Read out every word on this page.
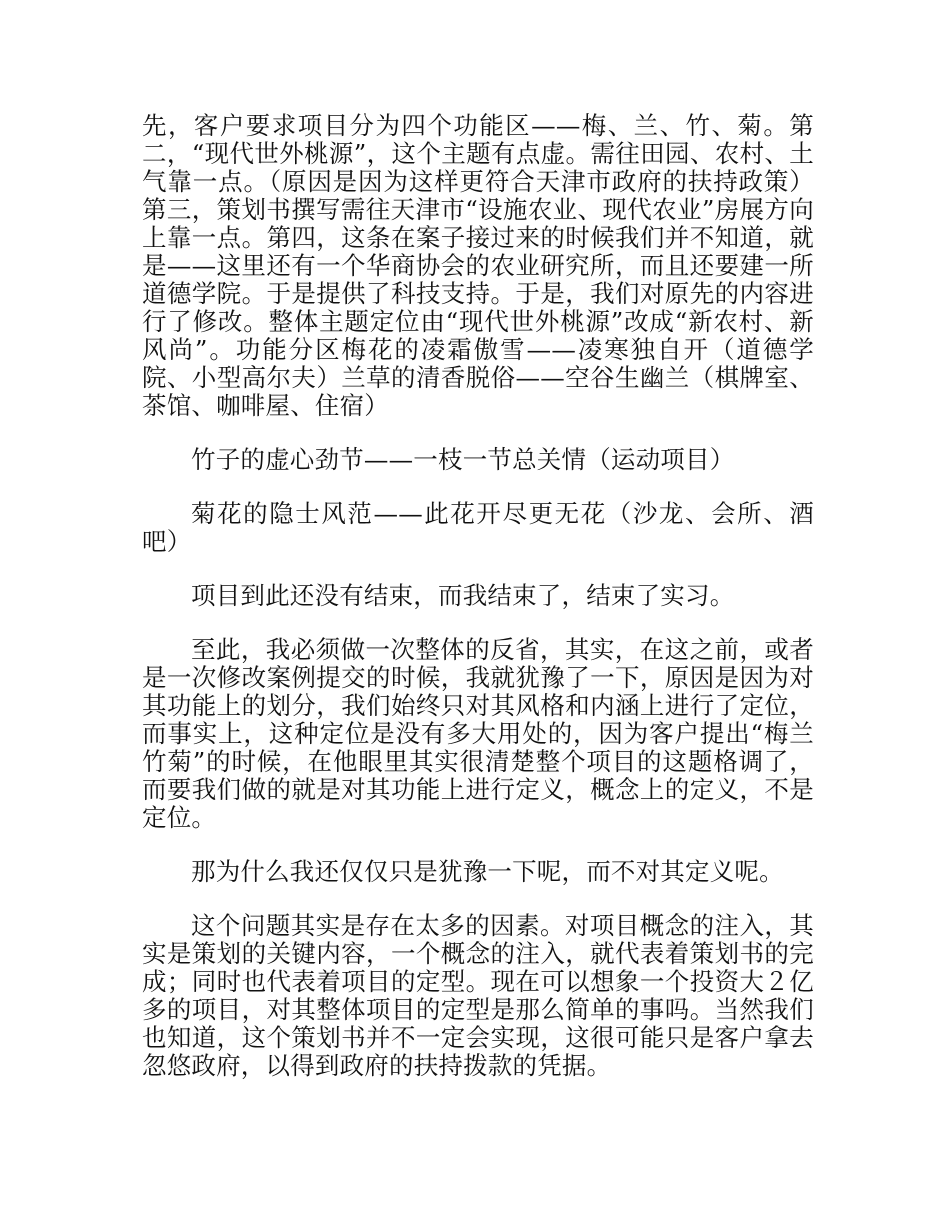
先，客户要求项目分为四个功能区——梅、兰、竹、菊。第二，“现代世外桃源”，这个主题有点虚。需往田园、农村、土气靠一点。（原因是因为这样更符合天津市政府的扶持政策）第三，策划书撰写需往天津市“设施农业、现代农业”房展方向上靠一点。第四，这条在案子接过来的时候我们并不知道，就是——这里还有一个华商协会的农业研究所，而且还要建一所道德学院。于是提供了科技支持。于是，我们对原先的内容进行了修改。整体主题定位由“现代世外桃源”改成“新农村、新风尚”。功能分区梅花的凌霜傲雪——凌寒独自开（道德学院、小型高尔夫）兰草的清香脱俗——空谷生幽兰（棋牌室、茶馆、咖啡屋、住宿）

竹子的虚心劲节——一枝一节总关情（运动项目）

菊花的隐士风范——此花开尽更无花（沙龙、会所、酒吧）

项目到此还没有结束，而我结束了，结束了实习。

至此，我必须做一次整体的反省，其实，在这之前，或者是一次修改案例提交的时候，我就犹豫了一下，原因是因为对其功能上的划分，我们始终只对其风格和内涵上进行了定位，而事实上，这种定位是没有多大用处的，因为客户提出“梅兰竹菊”的时候，在他眼里其实很清楚整个项目的这题格调了，而要我们做的就是对其功能上进行定义，概念上的定义，不是定位。

那为什么我还仅仅只是犹豫一下呢，而不对其定义呢。

这个问题其实是存在太多的因素。对项目概念的注入，其实是策划的关键内容，一个概念的注入，就代表着策划书的完成；同时也代表着项目的定型。现在可以想象一个投资大２亿多的项目，对其整体项目的定型是那么简单的事吗。当然我们也知道，这个策划书并不一定会实现，这很可能只是客户拿去忽悠政府，以得到政府的扶持拨款的凭据。
